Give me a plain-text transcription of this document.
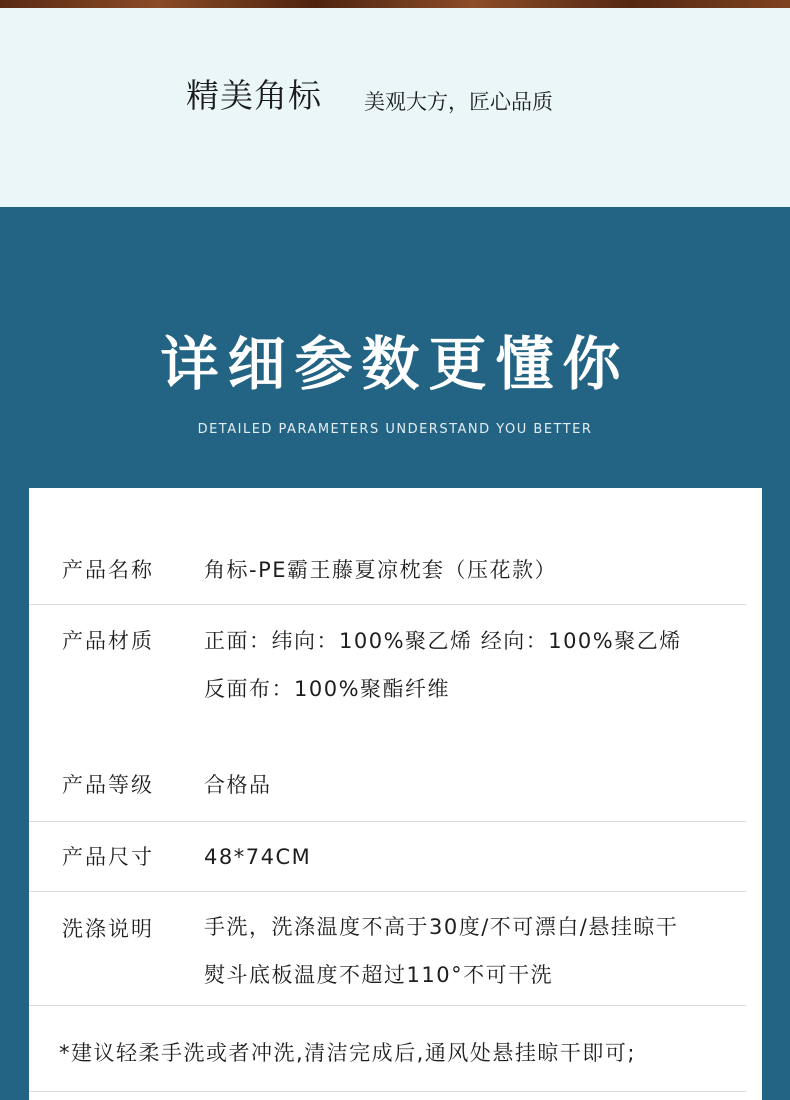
精美角标 美观大方，匠心品质
详细参数更懂你
DETAILED PARAMETERS UNDERSTAND YOU BETTER
产品名称 角标-PE霸王藤夏凉枕套（压花款）
产品材质 正面：纬向：100%聚乙烯 经向：100%聚乙烯
反面布：100%聚酯纤维
产品等级 合格品
产品尺寸 48*74CM
洗涤说明 手洗，洗涤温度不高于30度/不可漂白/悬挂晾干
熨斗底板温度不超过110°不可干洗
*建议轻柔手洗或者冲洗,清洁完成后,通风处悬挂晾干即可;
